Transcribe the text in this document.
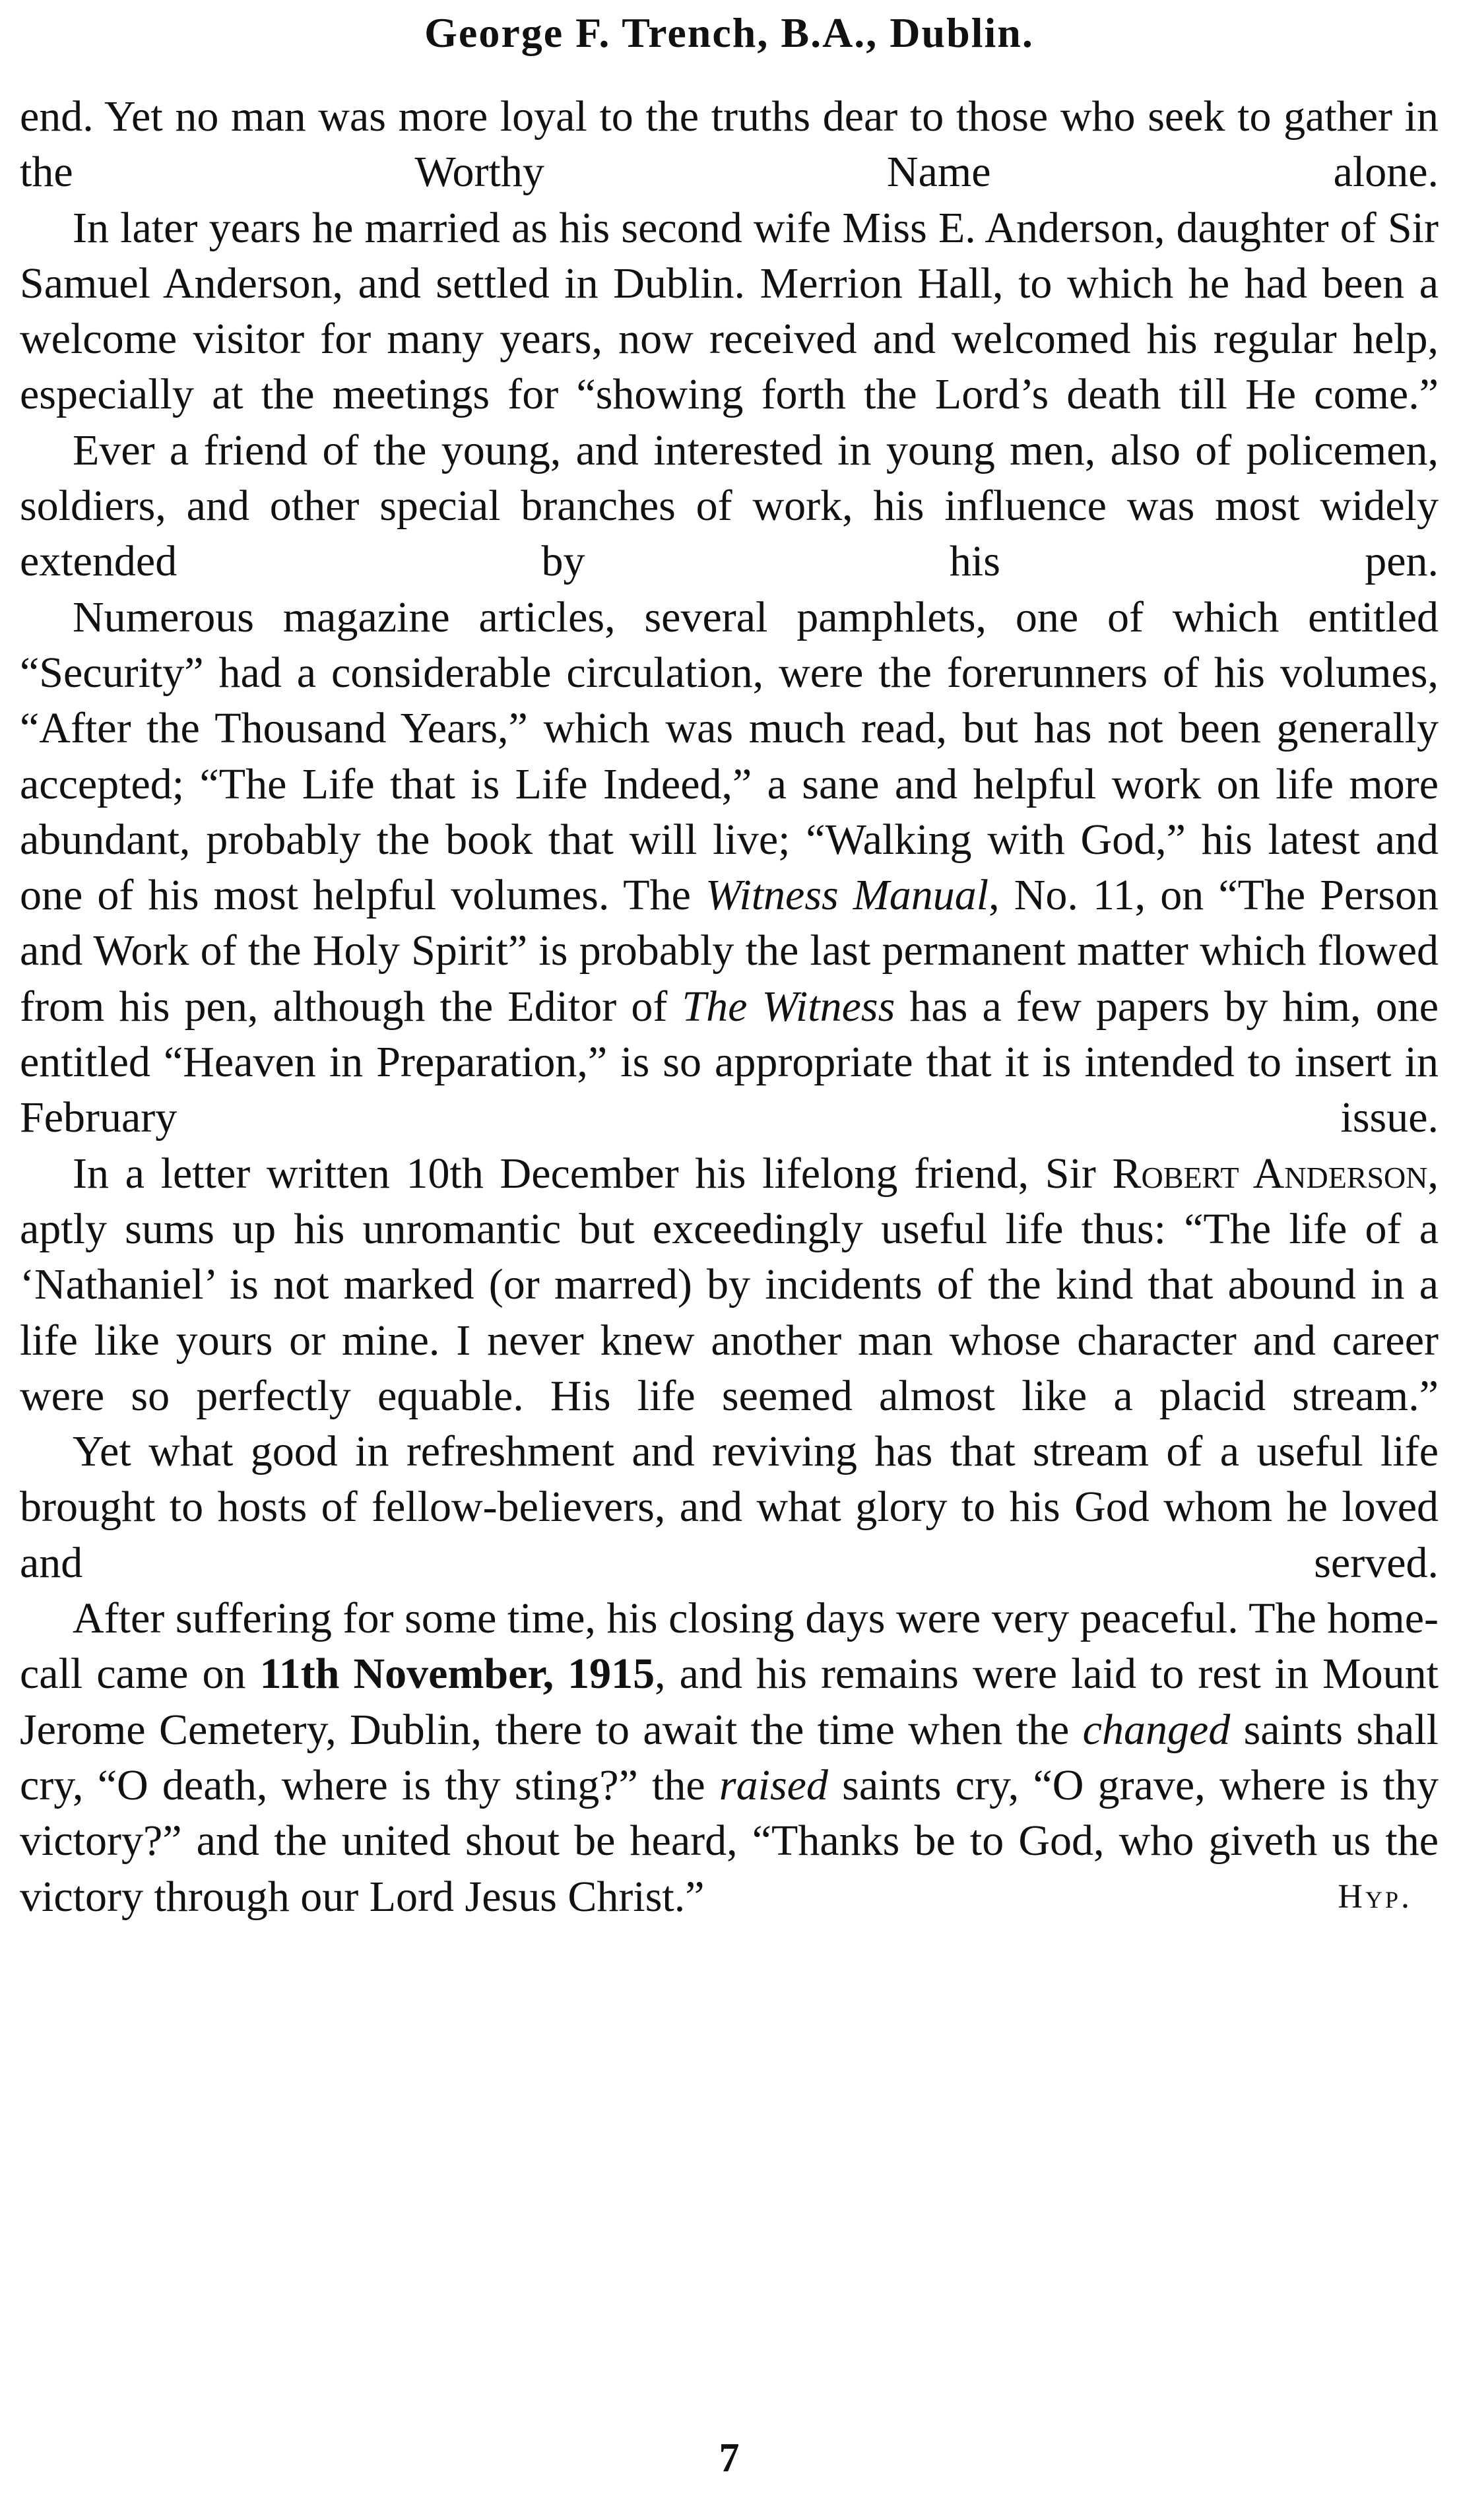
George F. Trench, B.A., Dublin.

end. Yet no man was more loyal to the truths dear to those who seek to gather in the Worthy Name alone.

In later years he married as his second wife Miss E. Anderson, daughter of Sir Samuel Anderson, and settled in Dublin. Merrion Hall, to which he had been a welcome visitor for many years, now received and welcomed his regular help, especially at the meetings for “showing forth the Lord’s death till He come.”

Ever a friend of the young, and interested in young men, also of policemen, soldiers, and other special branches of work, his influence was most widely extended by his pen.

Numerous magazine articles, several pamphlets, one of which entitled “Security” had a considerable circulation, were the forerunners of his volumes, “After the Thousand Years,” which was much read, but has not been generally accepted; “The Life that is Life Indeed,” a sane and helpful work on life more abundant, probably the book that will live; “Walking with God,” his latest and one of his most helpful volumes. The Witness Manual, No. 11, on “The Person and Work of the Holy Spirit” is probably the last permanent matter which flowed from his pen, although the Editor of The Witness has a few papers by him, one entitled “Heaven in Preparation,” is so appropriate that it is intended to insert in February issue.

In a letter written 10th December his lifelong friend, Sir Robert Anderson, aptly sums up his unromantic but exceedingly useful life thus: “The life of a ‘Nathaniel’ is not marked (or marred) by incidents of the kind that abound in a life like yours or mine. I never knew another man whose character and career were so perfectly equable. His life seemed almost like a placid stream.”

Yet what good in refreshment and reviving has that stream of a useful life brought to hosts of fellow-believers, and what glory to his God whom he loved and served.

After suffering for some time, his closing days were very peaceful. The home-call came on 11th November, 1915, and his remains were laid to rest in Mount Jerome Cemetery, Dublin, there to await the time when the changed saints shall cry, “O death, where is thy sting?” the raised saints cry, “O grave, where is thy victory?” and the united shout be heard, “Thanks be to God, who giveth us the victory through our Lord Jesus Christ.”	Hyp.
7
